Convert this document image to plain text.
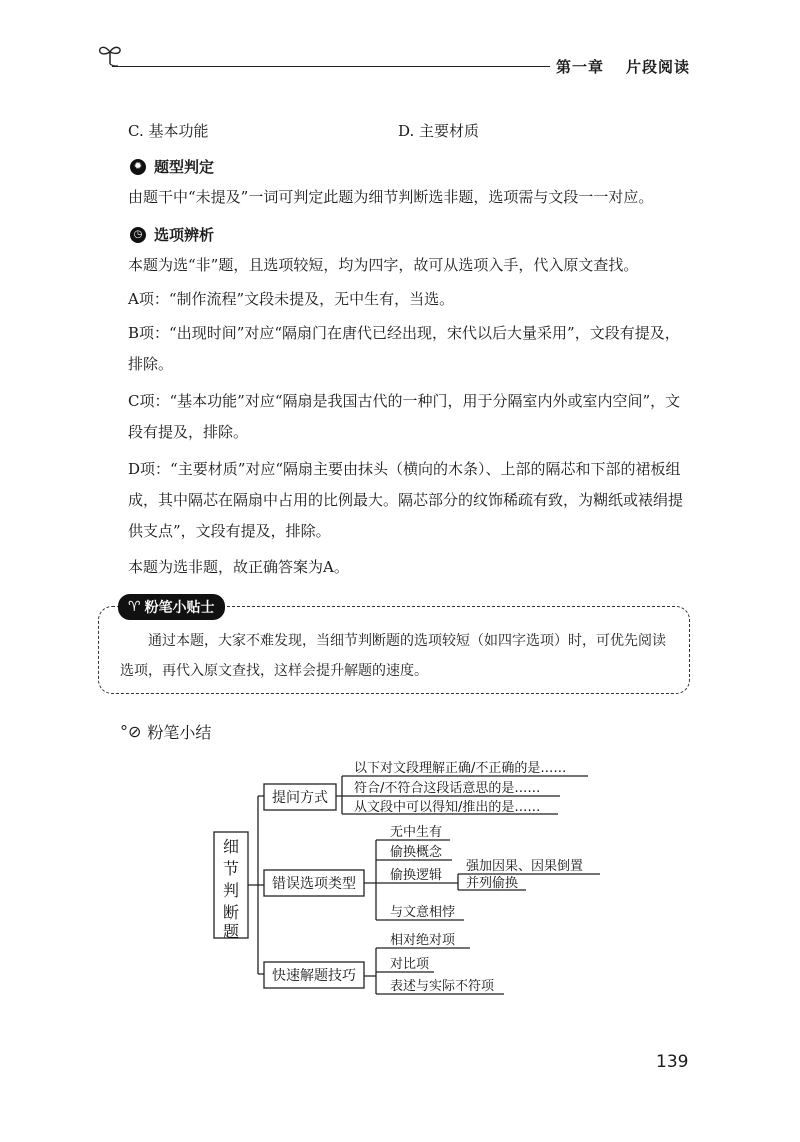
第一章 片段阅读
C. 基本功能	D. 主要材质
✹ 题型判定
由题干中“未提及”一词可判定此题为细节判断选非题，选项需与文段一一对应。
◷ 选项辨析
本题为选“非”题，且选项较短，均为四字，故可从选项入手，代入原文查找。
A项：“制作流程”文段未提及，无中生有，当选。
B项：“出现时间”对应“隔扇门在唐代已经出现，宋代以后大量采用”，文段有提及，排除。
C项：“基本功能”对应“隔扇是我国古代的一种门，用于分隔室内外或室内空间”，文段有提及，排除。
D项：“主要材质”对应“隔扇主要由抹头（横向的木条）、上部的隔芯和下部的裙板组成，其中隔芯在隔扇中占用的比例最大。隔芯部分的纹饰稀疏有致，为糊纸或裱绢提供支点”，文段有提及，排除。
本题为选非题，故正确答案为A。
♈ 粉笔小贴士
通过本题，大家不难发现，当细节判断题的选项较短（如四字选项）时，可优先阅读选项，再代入原文查找，这样会提升解题的速度。
°⊘ 粉笔小结
细
节
判
断
题
提问方式
错误选项类型
快速解题技巧
以下对文段理解正确/不正确的是……
符合/不符合这段话意思的是……
从文段中可以得知/推出的是……
无中生有
偷换概念
偷换逻辑
与文意相悖
强加因果、因果倒置
并列偷换
相对绝对项
对比项
表述与实际不符项
139
